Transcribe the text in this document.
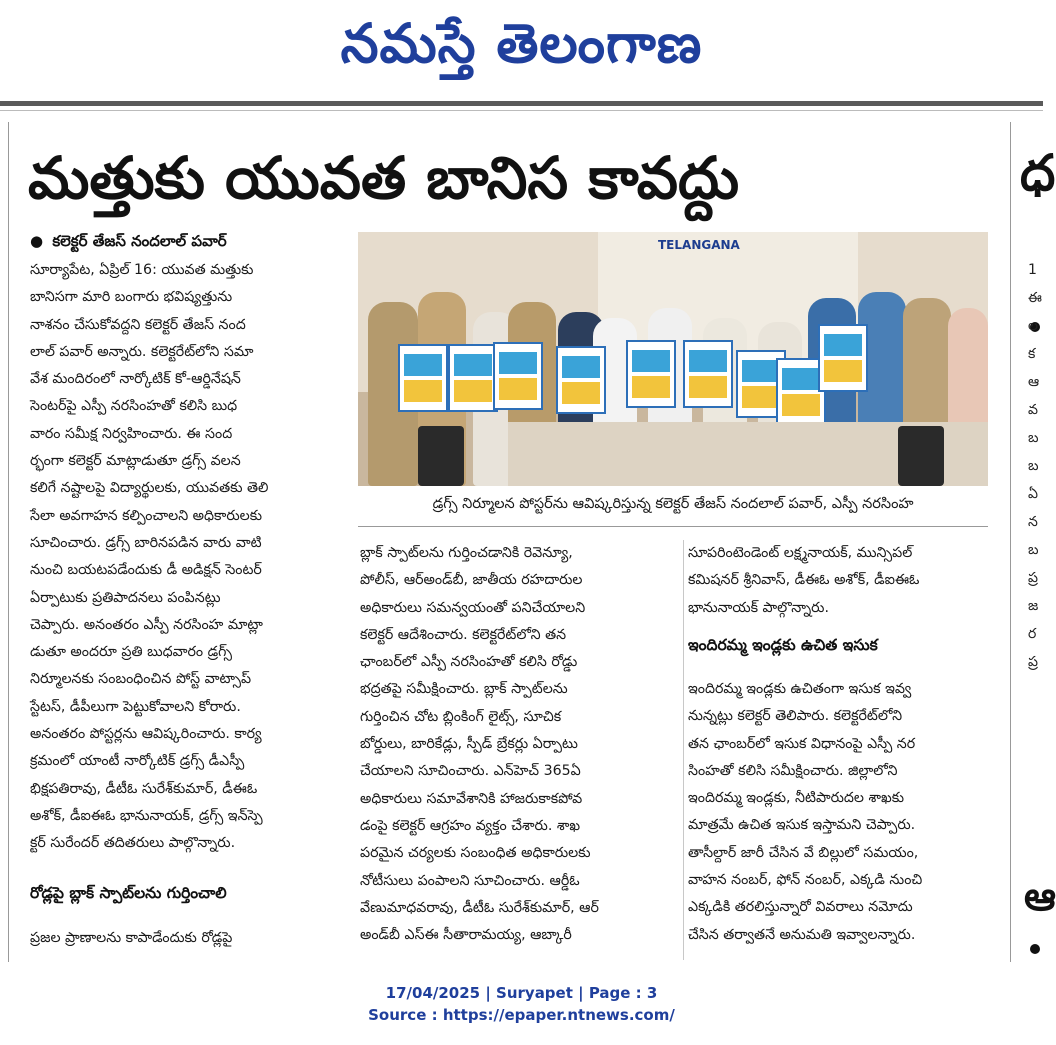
నమస్తే తెలంగాణ
మత్తుకు యువత బానిస కావద్దు
● కలెక్టర్ తేజస్ నందలాల్ పవార్
సూర్యాపేట, ఏప్రిల్ 16: యువత మత్తుకు
బానిసగా మారి బంగారు భవిష్యత్తును
నాశనం చేసుకోవద్దని కలెక్టర్ తేజస్ నంద
లాల్ పవార్ అన్నారు. కలెక్టరేట్‌లోని సమా
వేశ మందిరంలో నార్కోటిక్ కో-ఆర్డినేషన్
సెంటర్‌పై ఎస్పీ నరసింహతో కలిసి బుధ
వారం సమీక్ష నిర్వహించారు. ఈ సంద
ర్భంగా కలెక్టర్ మాట్లాడుతూ డ్రగ్స్ వలన
కలిగే నష్టాలపై విద్యార్థులకు, యువతకు తెలి
సేలా అవగాహన కల్పించాలని అధికారులకు
సూచించారు. డ్రగ్స్ బారినపడిన వారు వాటి
నుంచి బయటపడేందుకు డీ అడిక్షన్ సెంటర్
ఏర్పాటుకు ప్రతిపాదనలు పంపినట్లు
చెప్పారు. అనంతరం ఎస్పీ నరసింహ మాట్లా
డుతూ అందరూ ప్రతి బుధవారం డ్రగ్స్
నిర్మూలనకు సంబంధించిన పోస్ట్ వాట్సాప్
స్టేటస్, డీపీలుగా పెట్టుకోవాలని కోరారు.
అనంతరం పోస్టర్లను ఆవిష్కరించారు. కార్య
క్రమంలో యాంటీ నార్కోటిక్ డ్రగ్స్ డీఎస్పీ
భిక్షపతిరావు, డీటీఓ సురేశ్‌కుమార్, డీఈఓ
అశోక్, డీఐఈఓ భానునాయక్, డ్రగ్స్ ఇన్‌స్పె
క్టర్ సురేందర్ తదితరులు పాల్గొన్నారు.
రోడ్లపై బ్లాక్ స్పాట్‌లను గుర్తించాలి
ప్రజల ప్రాణాలను కాపాడేందుకు రోడ్లపై
TELANGANA
డ్రగ్స్ నిర్మూలన పోస్టర్‌ను ఆవిష్కరిస్తున్న కలెక్టర్ తేజస్ నందలాల్ పవార్, ఎస్పీ నరసింహ
బ్లాక్ స్పాట్‌లను గుర్తించడానికి రెవెన్యూ,
పోలీస్, ఆర్అండ్‌బీ, జాతీయ రహదారుల
అధికారులు సమన్వయంతో పనిచేయాలని
కలెక్టర్ ఆదేశించారు. కలెక్టరేట్‌లోని తన
ఛాంబర్‌లో ఎస్పీ నరసింహతో కలిసి రోడ్డు
భద్రతపై సమీక్షించారు. బ్లాక్ స్పాట్‌లను
గుర్తించిన చోట బ్లింకింగ్ లైట్స్, సూచిక
బోర్డులు, బారికేడ్లు, స్పీడ్ బ్రేకర్లు ఏర్పాటు
చేయాలని సూచించారు. ఎన్‌హెచ్ 365ఏ
అధికారులు సమావేశానికి హాజరుకాకపోవ
డంపై కలెక్టర్ ఆగ్రహం వ్యక్తం చేశారు. శాఖ
పరమైన చర్యలకు సంబంధిత అధికారులకు
నోటీసులు పంపాలని సూచించారు. ఆర్డీఓ
వేణుమాధవరావు, డీటీఓ సురేశ్‌కుమార్, ఆర్
అండ్‌బీ ఎస్ఈ సీతారామయ్య, ఆబ్కారీ
సూపరింటెండెంట్ లక్ష్మనాయక్, మున్సిపల్
కమిషనర్ శ్రీనివాస్, డీఈఓ అశోక్, డీఐఈఓ
భానునాయక్ పాల్గొన్నారు.
ఇందిరమ్మ ఇండ్లకు ఉచిత ఇసుక
ఇందిరమ్మ ఇండ్లకు ఉచితంగా ఇసుక ఇవ్వ
నున్నట్లు కలెక్టర్ తెలిపారు. కలెక్టరేట్‌లోని
తన ఛాంబర్‌లో ఇసుక విధానంపై ఎస్పీ నర
సింహతో కలిసి సమీక్షించారు. జిల్లాలోని
ఇందిరమ్మ ఇండ్లకు, నీటిపారుదల శాఖకు
మాత్రమే ఉచిత ఇసుక ఇస్తామని చెప్పారు.
తాసీల్దార్ జారీ చేసిన వే బిల్లులో సమయం,
వాహన నంబర్, ఫోన్ నంబర్, ఎక్కడి నుంచి
ఎక్కడికి తరలిస్తున్నారో వివరాలు నమోదు
చేసిన తర్వాతనే అనుమతి ఇవ్వాలన్నారు.
ధ
1
ఈ
ల
క
ఆ
వ
బ
బ
ఏ
న
బ
ప్ర
జ
ర
ప్ర
ఆ
17/04/2025 | Suryapet | Page : 3
Source : https://epaper.ntnews.com/
